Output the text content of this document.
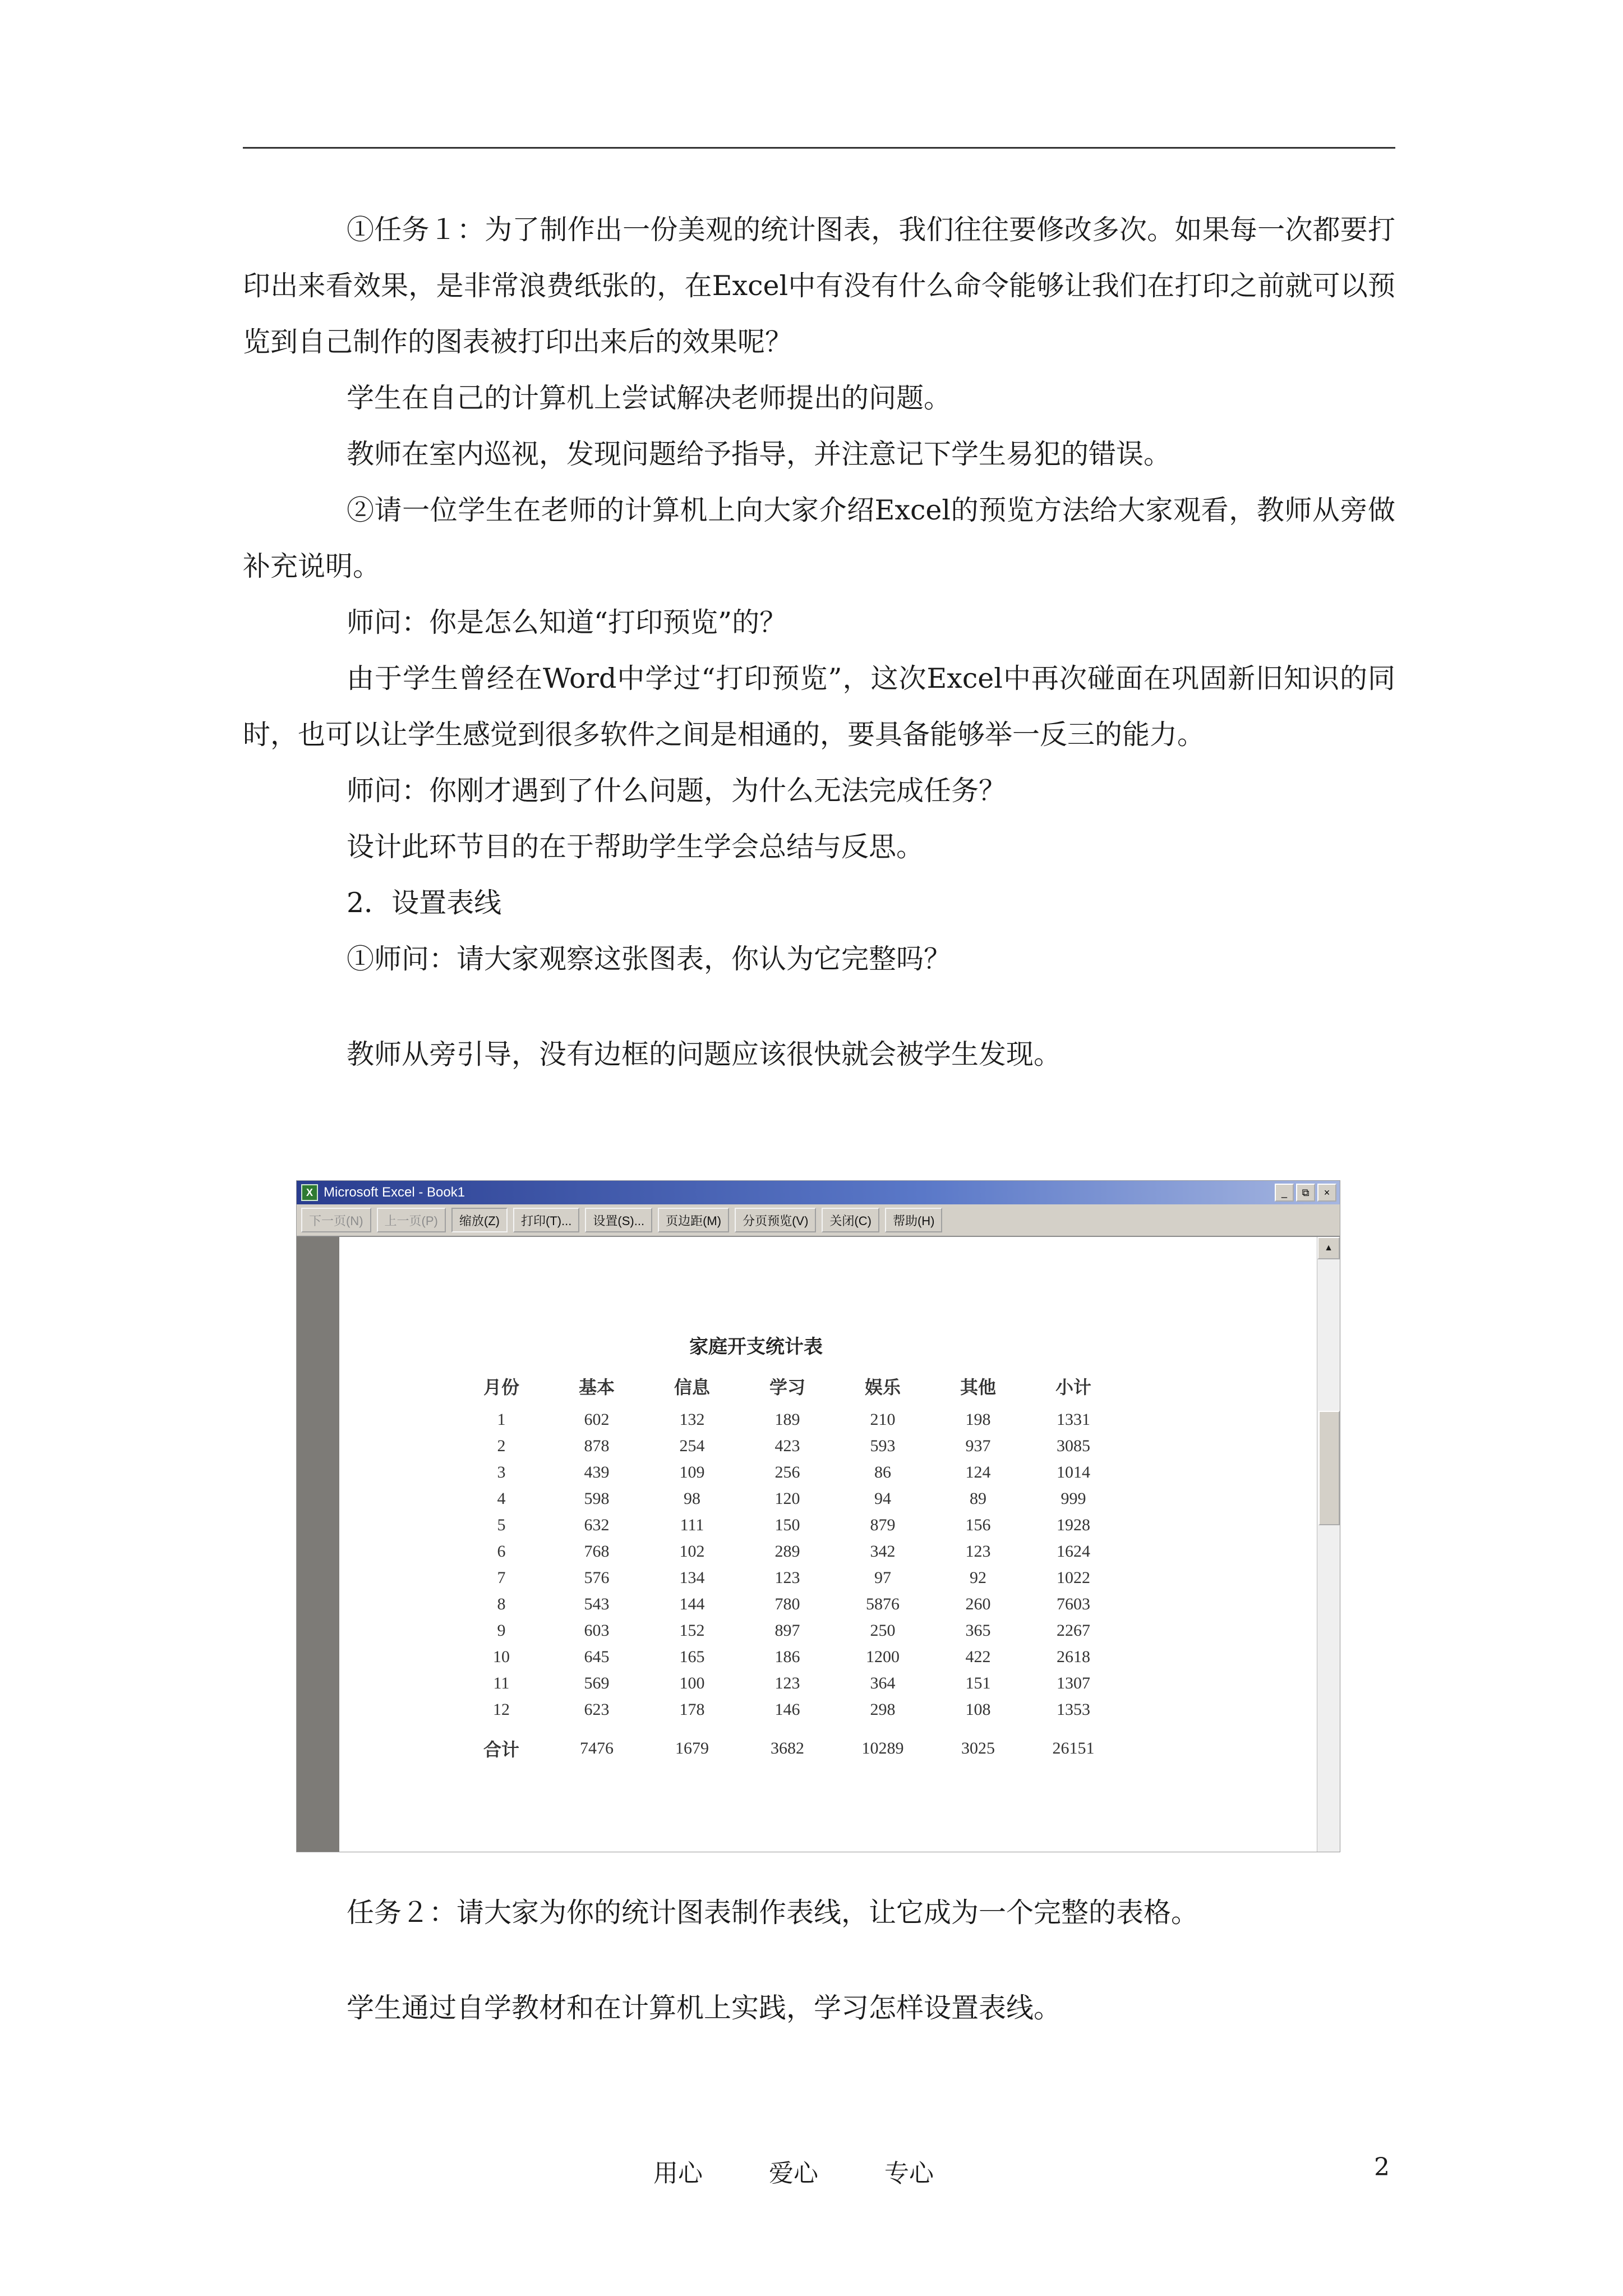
①任务１：为了制作出一份美观的统计图表，我们往往要修改多次。如果每一次都要打印出来看效果，是非常浪费纸张的，在Excel中有没有什么命令能够让我们在打印之前就可以预览到自己制作的图表被打印出来后的效果呢？

学生在自己的计算机上尝试解决老师提出的问题。

教师在室内巡视，发现问题给予指导，并注意记下学生易犯的错误。

②请一位学生在老师的计算机上向大家介绍Excel的预览方法给大家观看，教师从旁做补充说明。

师问：你是怎么知道“打印预览”的？

由于学生曾经在Word中学过“打印预览”，这次Excel中再次碰面在巩固新旧知识的同时，也可以让学生感觉到很多软件之间是相通的，要具备能够举一反三的能力。

师问：你刚才遇到了什么问题，为什么无法完成任务？

设计此环节目的在于帮助学生学会总结与反思。

2．设置表线

①师问：请大家观察这张图表，你认为它完整吗？

教师从旁引导，没有边框的问题应该很快就会被学生发现。

X Microsoft Excel - Book1	_	⧉	×
下一页(N)	上一页(P)	缩放(Z)	打印(T)...	设置(S)...	页边距(M)	分页预览(V)	关闭(C)	帮助(H)
家庭开支统计表
月份	基本	信息	学习	娱乐	其他	小计
1	602	132	189	210	198	1331
2	878	254	423	593	937	3085
3	439	109	256	86	124	1014
4	598	98	120	94	89	999
5	632	111	150	879	156	1928
6	768	102	289	342	123	1624
7	576	134	123	97	92	1022
8	543	144	780	5876	260	7603
9	603	152	897	250	365	2267
10	645	165	186	1200	422	2618
11	569	100	123	364	151	1307
12	623	178	146	298	108	1353
合计	7476	1679	3682	10289	3025	26151
▲

任务２：请大家为你的统计图表制作表线，让它成为一个完整的表格。

学生通过自学教材和在计算机上实践，学习怎样设置表线。

用心	爱心	专心	2
